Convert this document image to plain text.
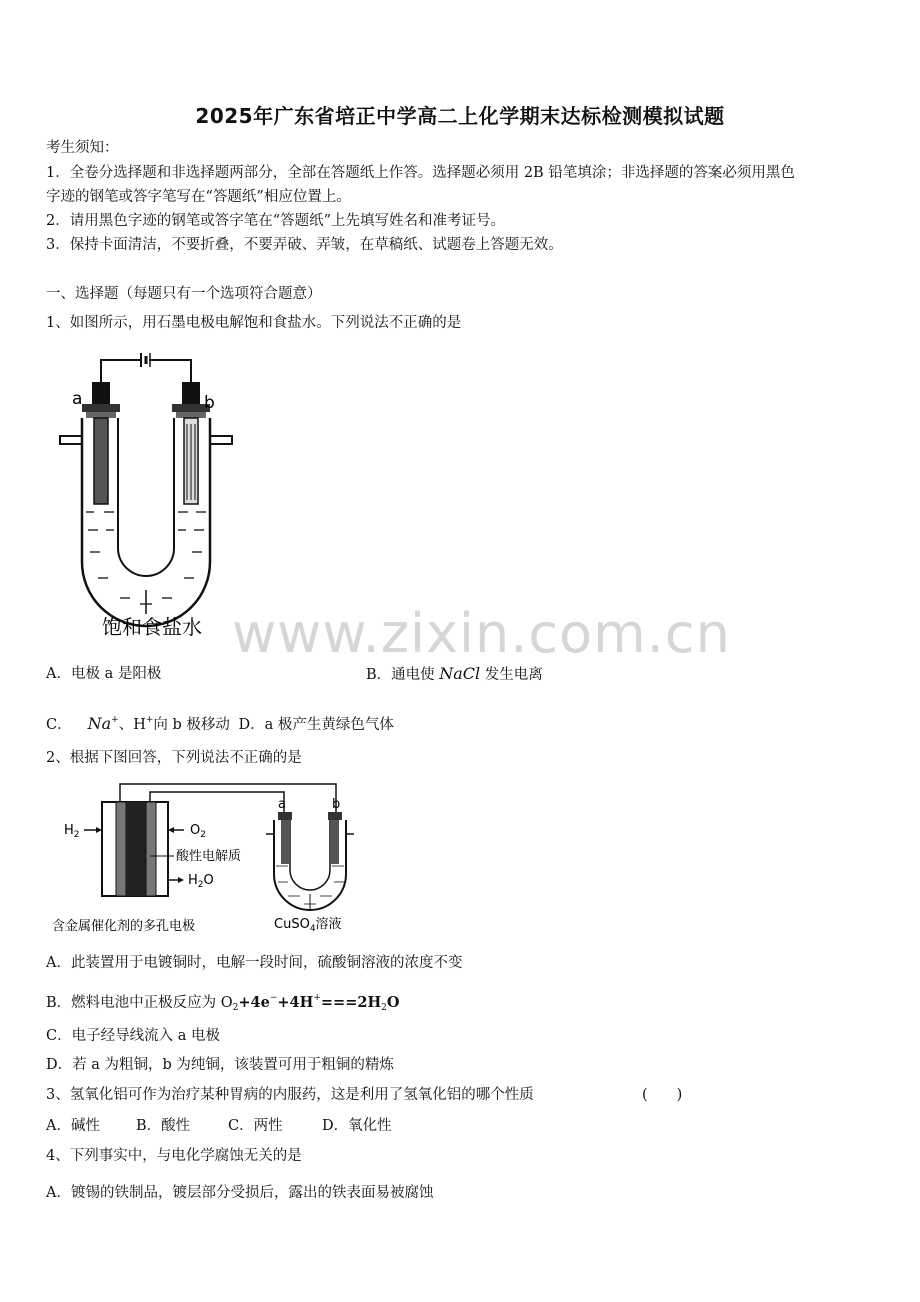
2025年广东省培正中学高二上化学期末达标检测模拟试题
考生须知：
1．全卷分选择题和非选择题两部分，全部在答题纸上作答。选择题必须用 2B 铅笔填涂；非选择题的答案必须用黑色
字迹的钢笔或答字笔写在“答题纸”相应位置上。
2．请用黑色字迹的钢笔或答字笔在“答题纸”上先填写姓名和准考证号。
3．保持卡面清洁，不要折叠，不要弄破、弄皱，在草稿纸、试题卷上答题无效。
一、选择题（每题只有一个选项符合题意）
1、如图所示，用石墨电极电解饱和食盐水。下列说法不正确的是
a	b
饱和食盐水 www.zixin.com.cn
A．电极 a 是阳极	B．通电使 NaCl 发生电离
C． Na+、H+向 b 极移动 D．a 极产生黄绿色气体
2、根据下图回答，下列说法不正确的是
$H_2$	$O_2$
酸性电解质
$H_2O$
含金属催化剂的多孔电极
a	b
CuSO$_4$溶液
A．此装置用于电镀铜时，电解一段时间，硫酸铜溶液的浓度不变
B．燃料电池中正极反应为 $O_2+4e^-+4H^+===2H_2O$
C．电子经导线流入 a 电极
D．若 a 为粗铜，b 为纯铜，该装置可用于粗铜的精炼
3、氢氧化铝可作为治疗某种胃病的内服药，这是利用了氢氧化铝的哪个性质	(　　)
A．碱性 B．酸性	C．两性	D．氧化性
4、下列事实中，与电化学腐蚀无关的是
A．镀锡的铁制品，镀层部分受损后，露出的铁表面易被腐蚀
